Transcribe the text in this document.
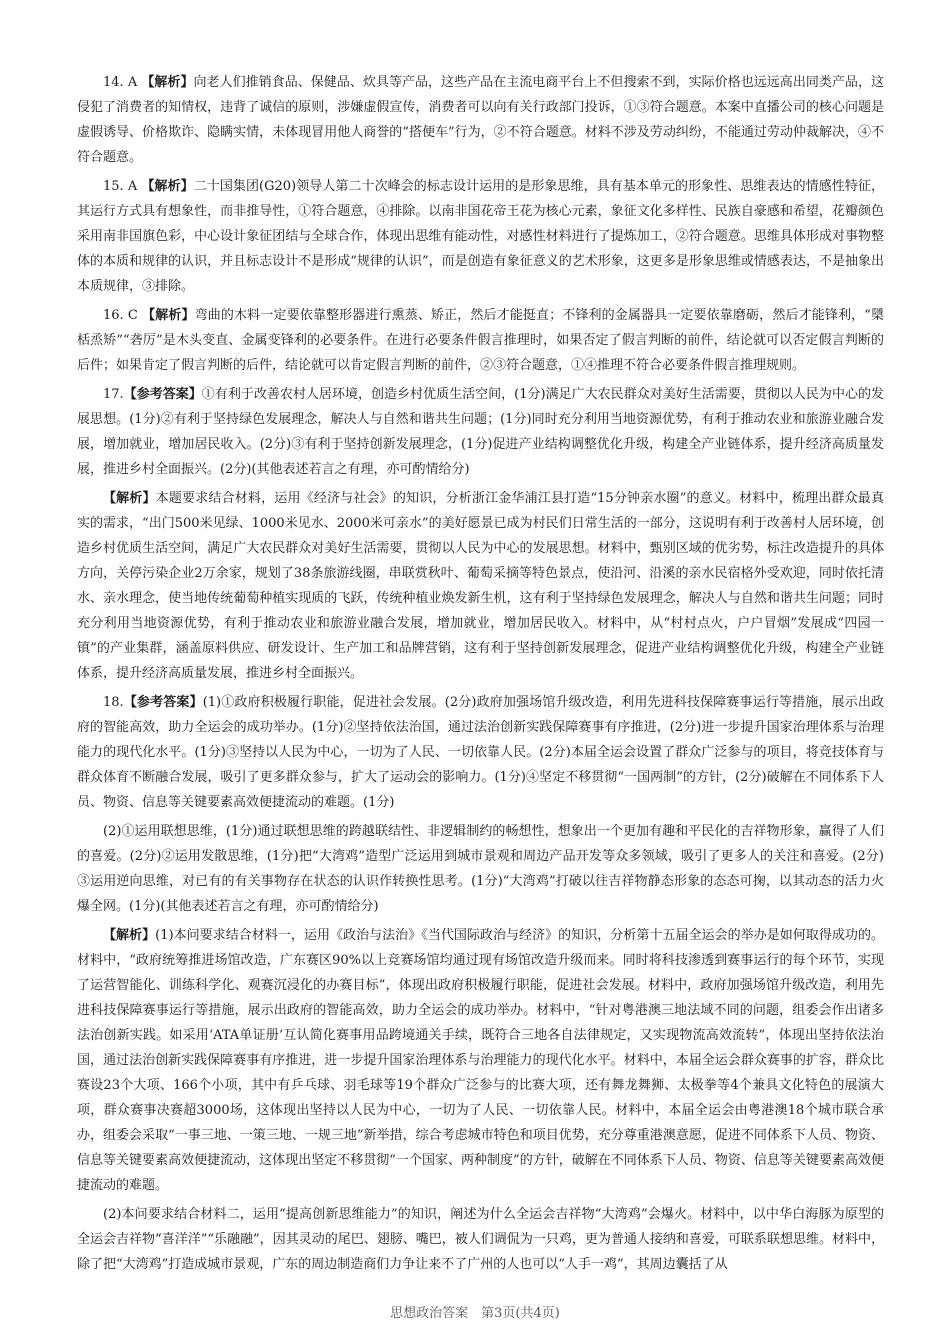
14. A 【解析】向老人们推销食品、保健品、炊具等产品，这些产品在主流电商平台上不但搜索不到，实际价格也远远高出同类产品，这侵犯了消费者的知情权，违背了诚信的原则，涉嫌虚假宣传，消费者可以向有关行政部门投诉，①③符合题意。本案中直播公司的核心问题是虚假诱导、价格欺诈、隐瞒实情，未体现冒用他人商誉的“搭便车”行为，②不符合题意。材料不涉及劳动纠纷，不能通过劳动仲裁解决，④不符合题意。

15. A 【解析】二十国集团(G20)领导人第二十次峰会的标志设计运用的是形象思维，具有基本单元的形象性、思维表达的情感性特征，其运行方式具有想象性，而非推导性，①符合题意，④排除。以南非国花帝王花为核心元素，象征文化多样性、民族自豪感和希望，花瓣颜色采用南非国旗色彩，中心设计象征团结与全球合作，体现出思维有能动性，对感性材料进行了提炼加工，②符合题意。思维具体形成对事物整体的本质和规律的认识，并且标志设计不是形成“规律的认识”，而是创造有象征意义的艺术形象，这更多是形象思维或情感表达，不是抽象出本质规律，③排除。

16. C 【解析】弯曲的木料一定要依靠整形器进行熏蒸、矫正，然后才能挺直；不锋利的金属器具一定要依靠磨砺，然后才能锋利，“檃栝烝矫”“砻厉”是木头变直、金属变锋利的必要条件。在进行必要条件假言推理时，如果否定了假言判断的前件，结论就可以否定假言判断的后件；如果肯定了假言判断的后件，结论就可以肯定假言判断的前件，②③符合题意，①④推理不符合必要条件假言推理规则。

17.【参考答案】①有利于改善农村人居环境，创造乡村优质生活空间，(1分)满足广大农民群众对美好生活需要，贯彻以人民为中心的发展思想。(1分)②有利于坚持绿色发展理念，解决人与自然和谐共生问题；(1分)同时充分利用当地资源优势，有利于推动农业和旅游业融合发展，增加就业，增加居民收入。(2分)③有利于坚持创新发展理念，(1分)促进产业结构调整优化升级，构建全产业链体系，提升经济高质量发展，推进乡村全面振兴。(2分)(其他表述若言之有理，亦可酌情给分)

【解析】本题要求结合材料，运用《经济与社会》的知识，分析浙江金华浦江县打造“15分钟亲水圈”的意义。材料中，梳理出群众最真实的需求，“出门500米见绿、1000米见水、2000米可亲水”的美好愿景已成为村民们日常生活的一部分，这说明有利于改善村人居环境，创造乡村优质生活空间，满足广大农民群众对美好生活需要，贯彻以人民为中心的发展思想。材料中，甄别区域的优劣势，标注改造提升的具体方向，关停污染企业2万余家，规划了38条旅游线圈，串联赏秋叶、葡萄采摘等特色景点，使沿河、沿溪的亲水民宿格外受欢迎，同时依托清水、亲水理念，使当地传统葡萄种植实现质的飞跃，传统种植业焕发新生机，这有利于坚持绿色发展理念，解决人与自然和谐共生问题；同时充分利用当地资源优势，有利于推动农业和旅游业融合发展，增加就业，增加居民收入。材料中，从“村村点火，户户冒烟”发展成“四园一镇”的产业集群，涵盖原料供应、研发设计、生产加工和品牌营销，这有利于坚持创新发展理念，促进产业结构调整优化升级，构建全产业链体系，提升经济高质量发展，推进乡村全面振兴。

18.【参考答案】(1)①政府积极履行职能，促进社会发展。(2分)政府加强场馆升级改造，利用先进科技保障赛事运行等措施，展示出政府的智能高效，助力全运会的成功举办。(1分)②坚持依法治国，通过法治创新实践保障赛事有序推进，(2分)进一步提升国家治理体系与治理能力的现代化水平。(1分)③坚持以人民为中心，一切为了人民、一切依靠人民。(2分)本届全运会设置了群众广泛参与的项目，将竞技体育与群众体育不断融合发展，吸引了更多群众参与，扩大了运动会的影响力。(1分)④坚定不移贯彻“一国两制”的方针，(2分)破解在不同体系下人员、物资、信息等关键要素高效便捷流动的难题。(1分)

(2)①运用联想思维，(1分)通过联想思维的跨越联结性、非逻辑制约的畅想性，想象出一个更加有趣和平民化的吉祥物形象，赢得了人们的喜爱。(2分)②运用发散思维，(1分)把“大湾鸡”造型广泛运用到城市景观和周边产品开发等众多领域，吸引了更多人的关注和喜爱。(2分)③运用逆向思维，对已有的有关事物存在状态的认识作转换性思考。(1分)“大湾鸡”打破以往吉祥物静态形象的态态可掬，以其动态的活力火爆全网。(1分)(其他表述若言之有理，亦可酌情给分)

【解析】(1)本问要求结合材料一，运用《政治与法治》《当代国际政治与经济》的知识，分析第十五届全运会的举办是如何取得成功的。材料中，“政府统筹推进场馆改造，广东赛区90%以上竞赛场馆均通过现有场馆改造升级而来。同时将科技渗透到赛事运行的每个环节，实现了运营智能化、训练科学化、观赛沉浸化的办赛目标”，体现出政府积极履行职能，促进社会发展。材料中，政府加强场馆升级改造，利用先进科技保障赛事运行等措施，展示出政府的智能高效，助力全运会的成功举办。材料中，“针对粤港澳三地法域不同的问题，组委会作出诸多法治创新实践。如采用‘ATA单证册’互认简化赛事用品跨境通关手续，既符合三地各自法律规定，又实现物流高效流转”，体现出坚持依法治国，通过法治创新实践保障赛事有序推进，进一步提升国家治理体系与治理能力的现代化水平。材料中，本届全运会群众赛事的扩容，群众比赛设23个大项、166个小项，其中有乒乓球、羽毛球等19个群众广泛参与的比赛大项，还有舞龙舞狮、太极拳等4个兼具文化特色的展演大项，群众赛事决赛超3000场，这体现出坚持以人民为中心，一切为了人民、一切依靠人民。材料中，本届全运会由粤港澳18个城市联合承办，组委会采取“一事三地、一策三地、一规三地”新举措，综合考虑城市特色和项目优势，充分尊重港澳意愿，促进不同体系下人员、物资、信息等关键要素高效便捷流动，这体现出坚定不移贯彻“一个国家、两种制度”的方针，破解在不同体系下人员、物资、信息等关键要素高效便捷流动的难题。

(2)本问要求结合材料二，运用“提高创新思维能力”的知识，阐述为什么全运会吉祥物“大湾鸡”会爆火。材料中，以中华白海豚为原型的全运会吉祥物“喜洋洋”“乐融融”，因其灵动的尾巴、翅膀、嘴巴，被人们调侃为一只鸡，更为普通人接纳和喜爱，可联系联想思维。材料中，除了把“大湾鸡”打造成城市景观，广东的周边制造商们力争让来不了广州的人也可以“人手一鸡”，其周边囊括了从

思想政治答案　第3页(共4页)
